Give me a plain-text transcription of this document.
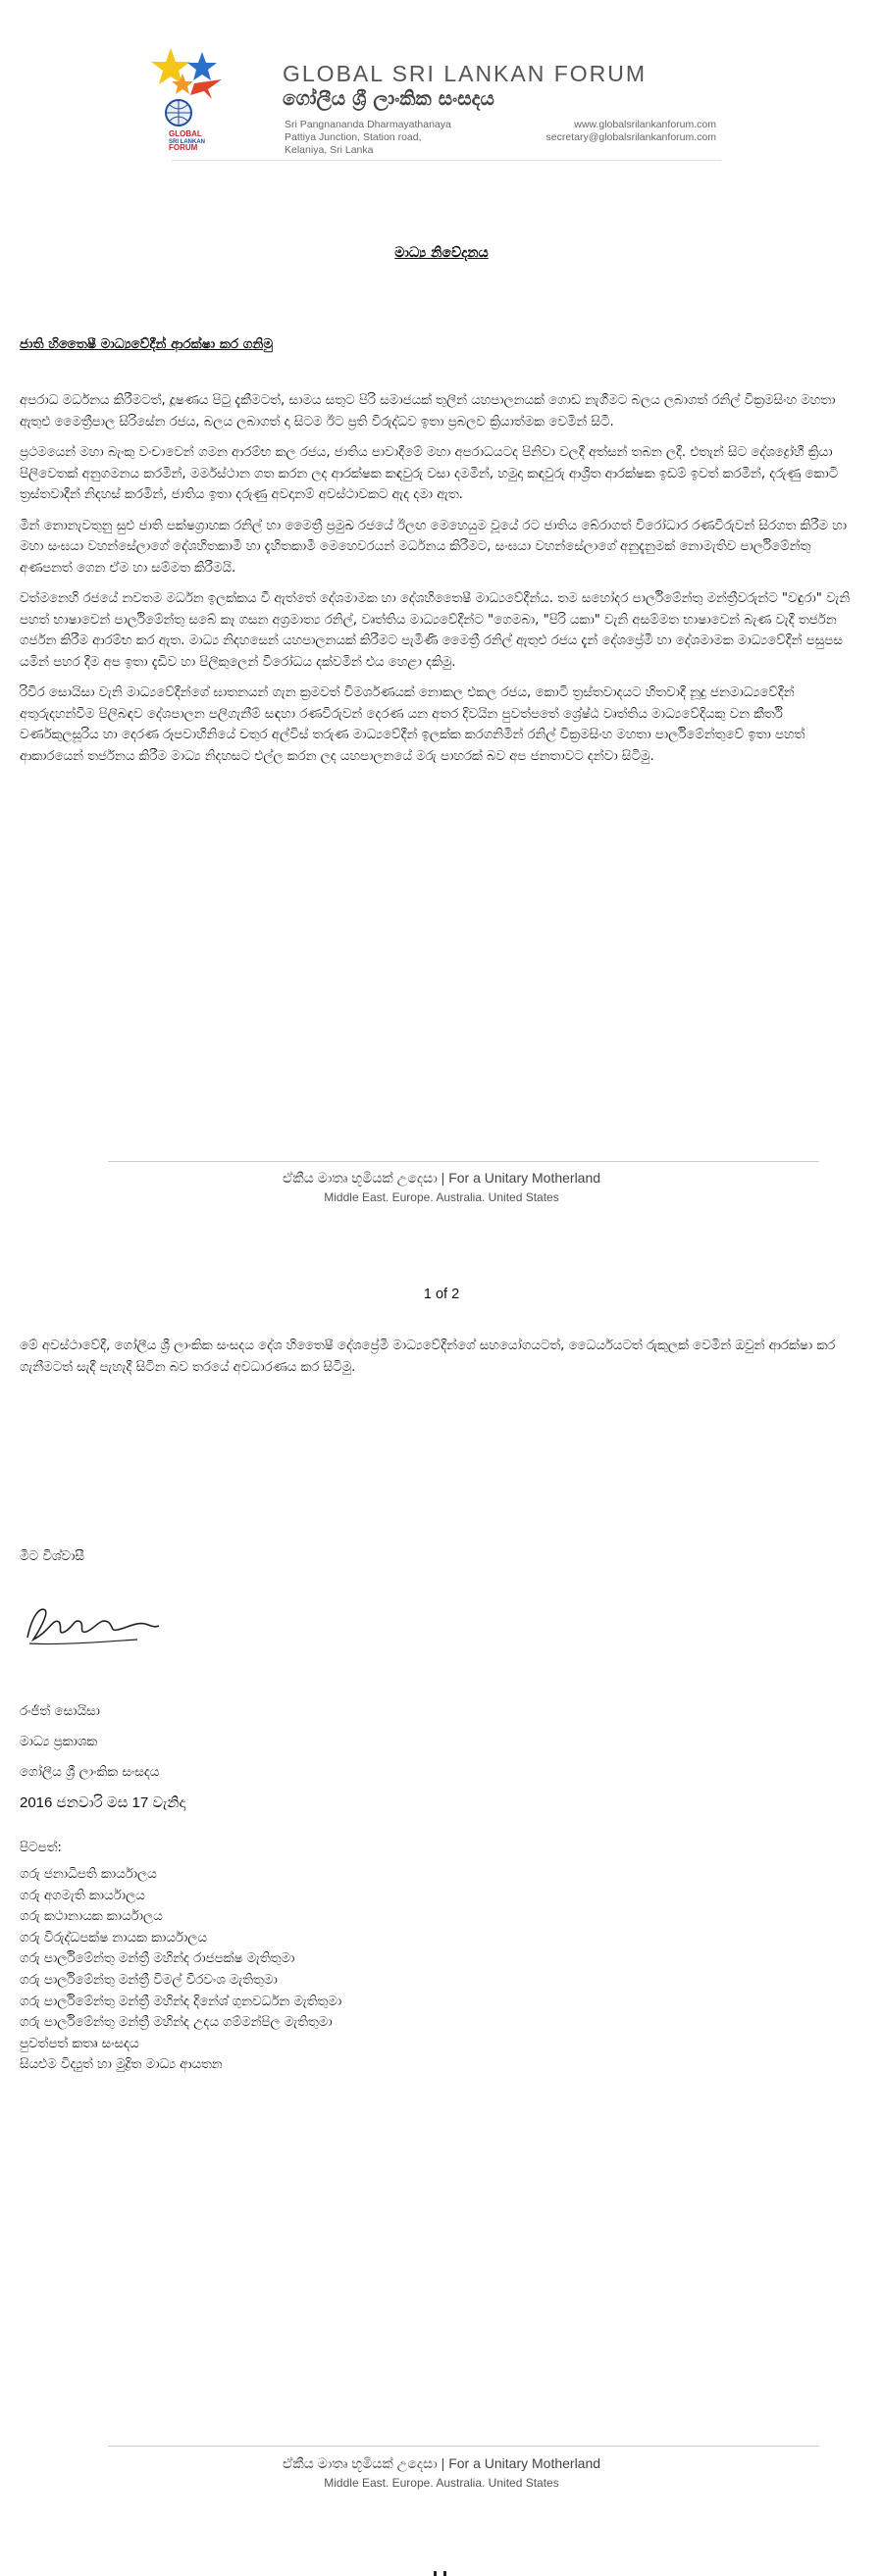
GLOBAL
SRI LANKAN
FORUM
GLOBAL SRI LANKAN FORUM
ගෝලීය ශ්‍රී ලාංකික සංසදය
Sri Pangnananda Dharmayathanaya
Pattiya Junction, Station road,
Kelaniya, Sri Lanka
www.globalsrilankanforum.com
secretary@globalsrilankanforum.com
මාධ්‍ය නිවේදනය
ජාති හිතෛෂී මාධ්‍යවේදීන් ආරක්ෂා කර ගනිමු

අපරාධ මර්ධනය කිරීමටත්, දූෂණය පිටු දැකීමටත්, සාමය සතුට පිරි සමාජයක් තුලින් යහපාලනයක් ගොඩ නැගීමට බලය ලබාගත් රනිල් වික්‍රමසිංහ මහතා ඇතුළු මෛත්‍රීපාල සිරිසේන රජය, බලය ලබාගත් දා සිටම ඊට ප්‍රති විරුද්ධව ඉතා ප්‍රබලව ක්‍රියාත්මක වෙමින් සිටී.

ප්‍රථමයෙන් මහා බැංකු වංචාවෙන් ගමන ආරම්භ කල රජය, ජාතිය පාවාදීමේ මහා අපරාධයටද පිනිවා වලදී අත්සන් තබන ලදී. එතැන් සිට දේශද්‍රෝහී ක්‍රියා පිලිවෙතක් අනුගමනය කරමින්, මර්මස්ථාන ගත කරන ලද ආරක්ෂක කඳවුරු වසා දමමින්, හමුදා කඳවුරු ආශ්‍රිත ආරක්ෂක ඉඩම් ඉවත් කරමින්, දරුණු කොටි ත්‍රස්තවාදීන් නිදහස් කරමින්, ජාතිය ඉතා දරුණු අවදානම් අවස්ථාවකට ඇද දමා ඇත.

මින් නොනැවතුනු සුළු ජාති පක්ෂග්‍රාහක රනිල් හා මෛත්‍රී ප්‍රමුඛ රජයේ ඊලඟ මෙහෙයුම වූයේ රට ජාතිය බේරාගත් විරෝධාර රණවිරුවන් සිරගත කිරීම හා මහා සංඝයා වහන්සේලාගේ දේශහිතකාමී හා දැහිතකාමී මෙහෙවරයන් මර්ධනය කිරීමට, සංඝයා වහන්සේලාගේ අනුදැනුමක් නොමැතිව පාර්ලිමේන්තු අණපනත් ගෙන ඒම හා සම්මත කිරීමයි.

වත්මනෙහි රජයේ නවතම මර්ධන ඉලක්කය වී ඇත්තේ දේශමාමක හා දේශහිතෛෂී මාධ්‍යවේදීන්ය. තම සහෝදර පාර්ලිමේන්තු මන්ත්‍රීවරුන්ට "වඳුරා" වැනි පහත් භාෂාවෙන් පාර්ලිමේන්තු සබේ කෑ ගසන අග්‍රමාත්‍ය රනිල්, වෘත්තිය මාධ්‍යවේදීන්ට "ගෙමබා, "පිරි යකා" වැනි අසම්මත භාෂාවෙන් බැණ වැදී තර්ජන ගර්ජන කිරීම ආරම්භ කර ඇත. මාධ්‍ය නිදහසෙන් යහපාලනයක් කිරීමට පැමිණි මෛත්‍රී රනිල් ඇතුළු රජය දැන් දේශප්‍රේමී හා දේශමාමක මාධ්‍යවේදීන් පසුපස යමින් පහර දීම අප ඉතා දැඩිව හා පිලිකුලෙන් විරෝධය දක්වමින් එය හෙළා දකිමු.

රිවිර සොයිසා වැනි මාධ්‍යවේදීන්ගේ ඝාතනයන් ගැන ක්‍රමවත් විමර්ශණයක් නොකල එකල රජය, කොටි ත්‍රස්තවාදයට හිතවාදී නූදු ජනමාධ්‍යවේදීන් අතුරුදහන්වීම පිලිබඳව දේශපාලන පලිගැනීම් සඳහා රණවිරුවන් දෙරණ යන අතර දිවයින පුවත්පතේ ශ්‍රේෂ්ඨ වෘත්තිය මාධ්‍යවේදියකු වන කීර්ති වර්ණකුලසූරිය හා දෙරණ රූපවාහිනියේ චතුර අල්විස් තරුණ මාධ්‍යවේදීන් ඉලක්ක කරගනිමින් රනිල් වික්‍රමසිංහ මහතා පාර්ලිමේන්තුවේ ඉතා පහත් ආකාරයෙන් තර්ජනය කිරීම මාධ්‍ය නිදහසට එල්ල කරන ලද යහපාලනයේ මරු පාහරක් බව අප ජනතාවට දන්වා සිටිමු.

ඒකීය මාතෘ භූමියක් උදෙසා | For a Unitary Motherland
Middle East. Europe. Australia. United States
1 of 2
මේ අවස්ථාවේදී, ගෝලීය ශ්‍රී ලාංකික සංසදය දේශ හිතෛෂී දේශප්‍රේමී මාධ්‍යවේදීන්ගේ සහයෝගයටත්, ධෛර්යයටත් රුකුලක් වෙමින් ඔවුන් ආරක්ෂා කර ගැනීමටත් සැදී පැහැදී සිටින බව තරයේ අවධාරණය කර සිටිමු.
මීට විශ්වාසී
රංජිත් සොයිසා
මාධ්‍ය ප්‍රකාශක
ගෝලීය ශ්‍රී ලාංකික සංසදය
2016 ජනවාරි මස 17 වැනිදා
පිටපත්:
ගරු ජනාධිපති කාර්යාලය
ගරු අගමැති කාර්යාලය
ගරු කථානායක කාර්යාලය
ගරු විරුද්ධපක්ෂ නායක කාර්යාලය
ගරු පාර්ලිමේන්තු මන්ත්‍රී මහින්ද රාජපක්ෂ මැතිතුමා
ගරු පාර්ලිමේන්තු මන්ත්‍රී විමල් වීරවංශ මැතිතුමා
ගරු පාර්ලිමේන්තු මන්ත්‍රී මහින්ද දිනේශ් ගුනවර්ධන මැතිතුමා
ගරු පාර්ලිමේන්තු මන්ත්‍රී මහින්ද උදය ගම්මන්පිල මැතිතුමා
පුවත්පත් කතෘ සංසදය
සියළුම විද්‍යුත් හා මුද්‍රිත මාධ්‍ය ආයතන
ඒකීය මාතෘ භූමියක් උදෙසා | For a Unitary Motherland
Middle East. Europe. Australia. United States
